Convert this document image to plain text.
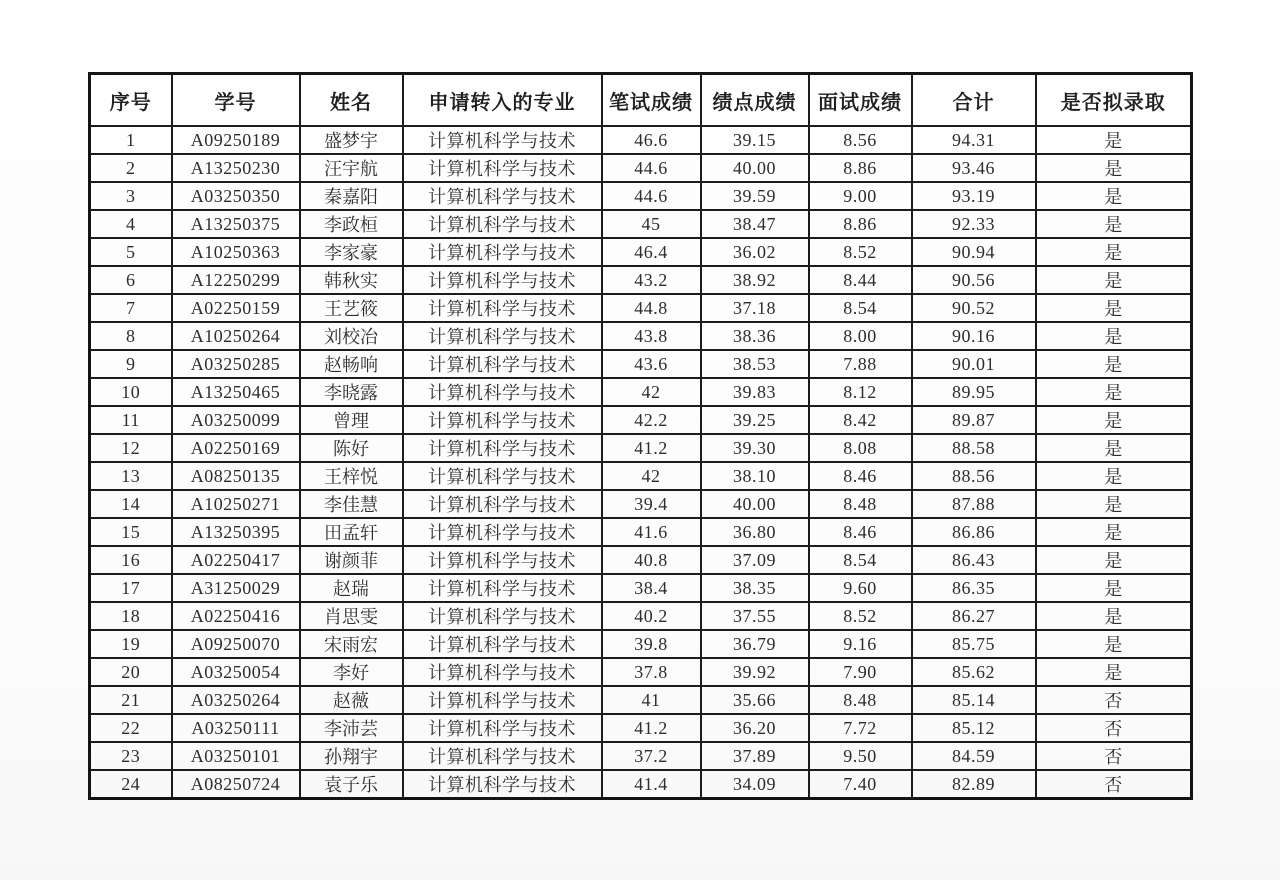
序号	学号	姓名	申请转入的专业	笔试成绩	绩点成绩	面试成绩	合计	是否拟录取
1	A09250189	盛梦宇	计算机科学与技术	46.6	39.15	8.56	94.31	是
2	A13250230	汪宇航	计算机科学与技术	44.6	40.00	8.86	93.46	是
3	A03250350	秦嘉阳	计算机科学与技术	44.6	39.59	9.00	93.19	是
4	A13250375	李政桓	计算机科学与技术	45	38.47	8.86	92.33	是
5	A10250363	李家豪	计算机科学与技术	46.4	36.02	8.52	90.94	是
6	A12250299	韩秋实	计算机科学与技术	43.2	38.92	8.44	90.56	是
7	A02250159	王艺筱	计算机科学与技术	44.8	37.18	8.54	90.52	是
8	A10250264	刘校冶	计算机科学与技术	43.8	38.36	8.00	90.16	是
9	A03250285	赵畅响	计算机科学与技术	43.6	38.53	7.88	90.01	是
10	A13250465	李晓露	计算机科学与技术	42	39.83	8.12	89.95	是
11	A03250099	曾理	计算机科学与技术	42.2	39.25	8.42	89.87	是
12	A02250169	陈好	计算机科学与技术	41.2	39.30	8.08	88.58	是
13	A08250135	王梓悦	计算机科学与技术	42	38.10	8.46	88.56	是
14	A10250271	李佳慧	计算机科学与技术	39.4	40.00	8.48	87.88	是
15	A13250395	田孟轩	计算机科学与技术	41.6	36.80	8.46	86.86	是
16	A02250417	谢颜菲	计算机科学与技术	40.8	37.09	8.54	86.43	是
17	A31250029	赵瑞	计算机科学与技术	38.4	38.35	9.60	86.35	是
18	A02250416	肖思雯	计算机科学与技术	40.2	37.55	8.52	86.27	是
19	A09250070	宋雨宏	计算机科学与技术	39.8	36.79	9.16	85.75	是
20	A03250054	李好	计算机科学与技术	37.8	39.92	7.90	85.62	是
21	A03250264	赵薇	计算机科学与技术	41	35.66	8.48	85.14	否
22	A03250111	李沛芸	计算机科学与技术	41.2	36.20	7.72	85.12	否
23	A03250101	孙翔宇	计算机科学与技术	37.2	37.89	9.50	84.59	否
24	A08250724	袁子乐	计算机科学与技术	41.4	34.09	7.40	82.89	否
